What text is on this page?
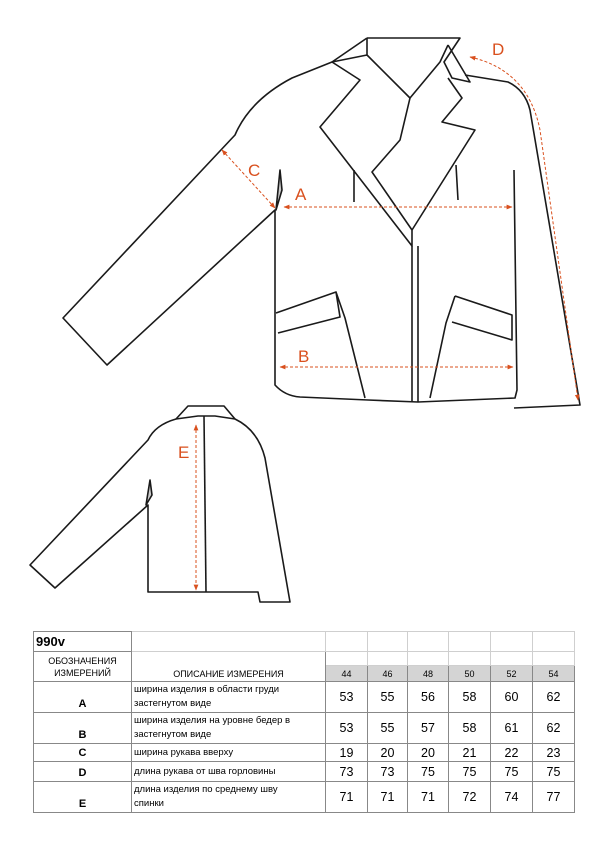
A
B
C
D
E
990v							

ОБОЗНАЧЕНИЯ
ИЗМЕРЕНИЙ	ОПИСАНИЕ ИЗМЕРЕНИЯ						
		44	46	48	50	52	54
A	ширина изделия в области груди
застегнутом виде	53	55	56	58	60	62
B	ширина изделия на уровне бедер в
застегнутом виде	53	55	57	58	61	62
C	ширина рукава вверху	19	20	20	21	22	23
D	длина рукава от шва горловины	73	73	75	75	75	75
E	длина изделия по среднему шву
спинки	71	71	71	72	74	77
